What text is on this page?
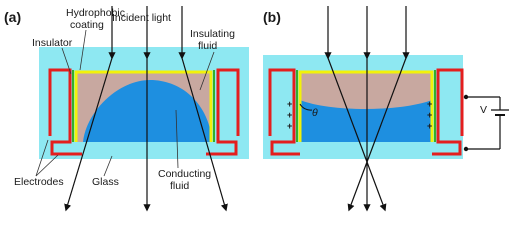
(a)	Hydrophobic
coating
Insulator
Incident light
Insulating
fluid
Electrodes	Glass
Conducting
fluid
(b)
θ
+
+
+
+
+
+
V
